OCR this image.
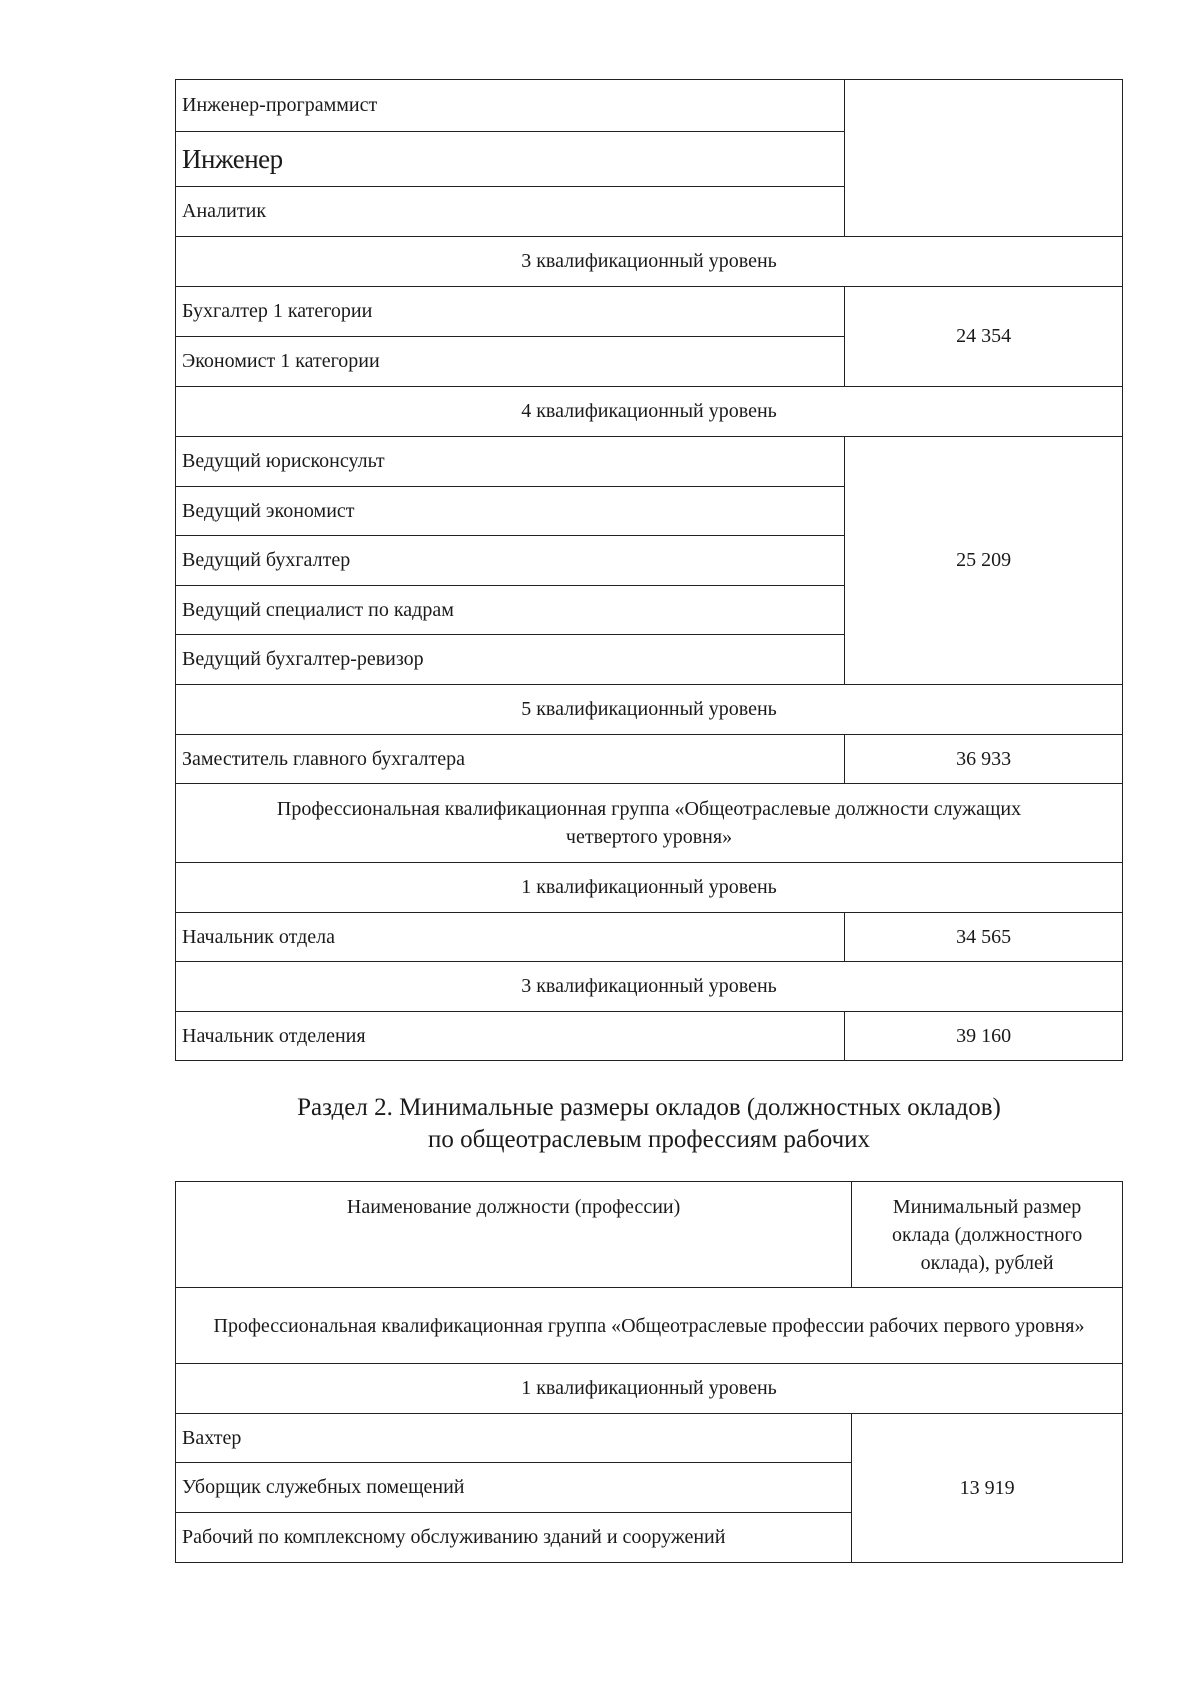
Инженер-программист	
Инженер	
Аналитик	
3 квалификационный уровень	
Бухгалтер 1 категории	24 354
Экономист 1 категории	
4 квалификационный уровень	
Ведущий юрисконсульт	25 209
Ведущий экономист	
Ведущий бухгалтер	
Ведущий специалист по кадрам	
Ведущий бухгалтер-ревизор	
5 квалификационный уровень	
Заместитель главного бухгалтера	36 933
Профессиональная квалификационная группа «Общеотраслевые должности служащих четвертого уровня»	
1 квалификационный уровень	
Начальник отдела	34 565
3 квалификационный уровень	
Начальник отделения	39 160
Раздел 2. Минимальные размеры окладов (должностных окладов)
по общеотраслевым профессиям рабочих
Наименование должности (профессии)	Минимальный размер оклада (должностного оклада), рублей
Профессиональная квалификационная группа «Общеотраслевые профессии рабочих первого уровня»	
1 квалификационный уровень	
Вахтер	13 919
Уборщик служебных помещений	
Рабочий по комплексному обслуживанию зданий и сооружений	
